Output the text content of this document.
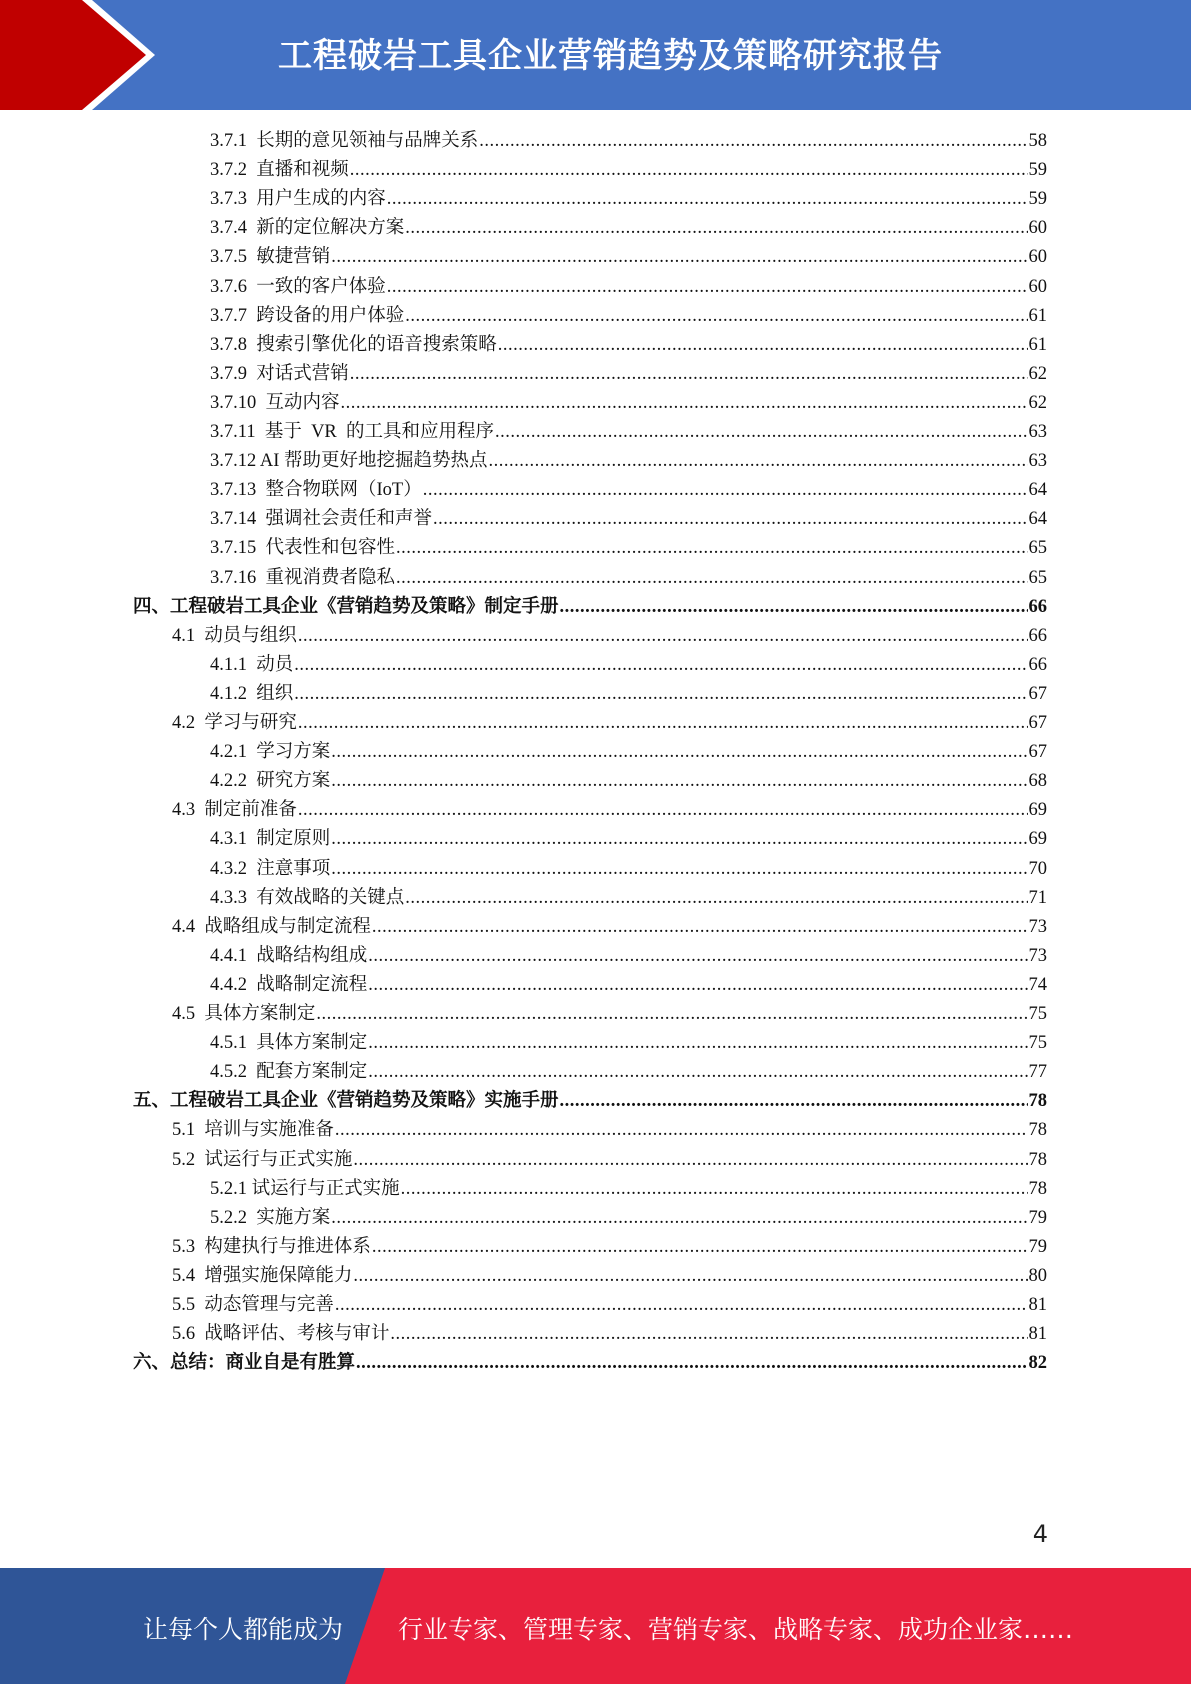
工程破岩工具企业营销趋势及策略研究报告
3.7.1  长期的意见领袖与品牌关系 .....	58
3.7.2  直播和视频 .....	59
3.7.3  用户生成的内容 .....	59
3.7.4  新的定位解决方案 .....	60
3.7.5  敏捷营销 .....	60
3.7.6  一致的客户体验 .....	60
3.7.7  跨设备的用户体验 .....	61
3.7.8  搜索引擎优化的语音搜索策略 .....	61
3.7.9  对话式营销 .....	62
3.7.10  互动内容 .....	62
3.7.11  基于  VR  的工具和应用程序 .....	63
3.7.12 AI 帮助更好地挖掘趋势热点 .....	63
3.7.13  整合物联网（IoT） .....	64
3.7.14  强调社会责任和声誉 .....	64
3.7.15  代表性和包容性 .....	65
3.7.16  重视消费者隐私 .....	65
四、工程破岩工具企业《营销趋势及策略》制定手册 .....	66
4.1  动员与组织 .....	66
4.1.1  动员 .....	66
4.1.2  组织 .....	67
4.2  学习与研究 .....	67
4.2.1  学习方案 .....	67
4.2.2  研究方案 .....	68
4.3  制定前准备 .....	69
4.3.1  制定原则 .....	69
4.3.2  注意事项 .....	70
4.3.3  有效战略的关键点 .....	71
4.4  战略组成与制定流程 .....	73
4.4.1  战略结构组成 .....	73
4.4.2  战略制定流程 .....	74
4.5  具体方案制定 .....	75
4.5.1  具体方案制定 .....	75
4.5.2  配套方案制定 .....	77
五、工程破岩工具企业《营销趋势及策略》实施手册 .....	78
5.1  培训与实施准备 .....	78
5.2  试运行与正式实施 .....	78
5.2.1 试运行与正式实施 .....	78
5.2.2  实施方案 .....	79
5.3  构建执行与推进体系 .....	79
5.4  增强实施保障能力 .....	80
5.5  动态管理与完善 .....	81
5.6  战略评估、考核与审计 .....	81
六、总结：商业自是有胜算 .....	82
4
让每个人都能成为 行业专家、管理专家、营销专家、战略专家、成功企业家……
